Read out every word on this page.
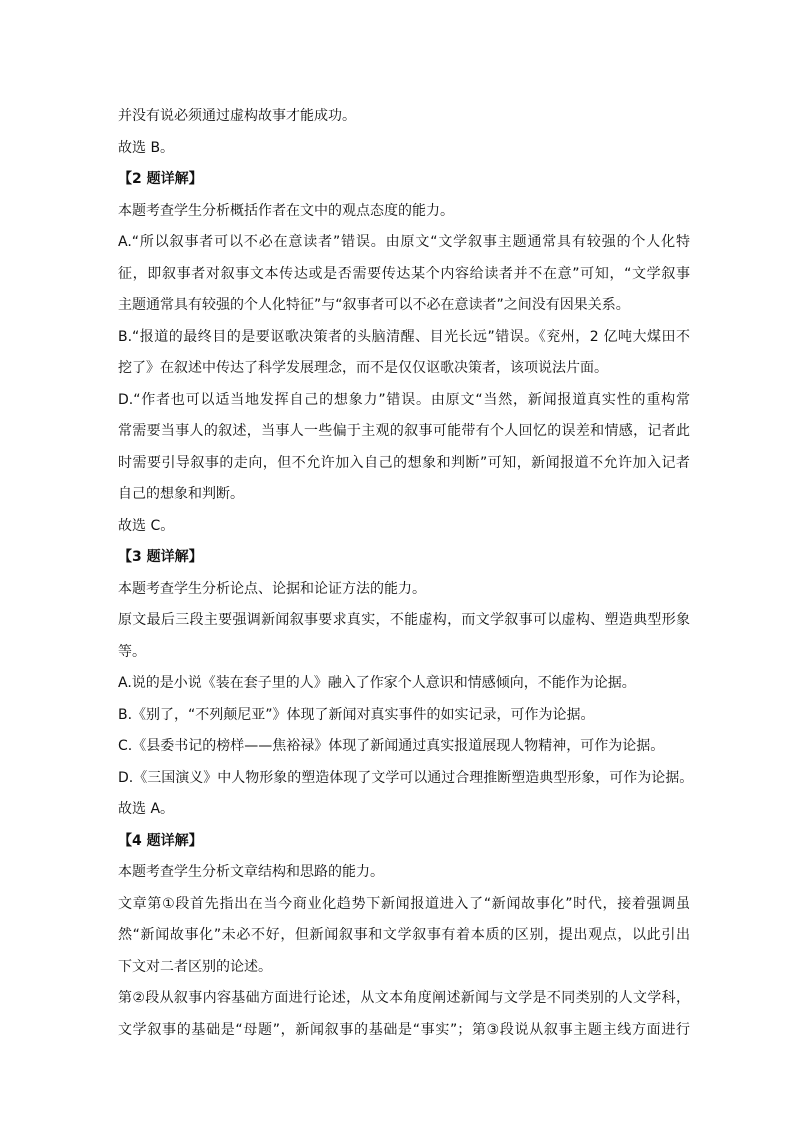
并没有说必须通过虚构故事才能成功。
故选 B。
【2 题详解】
本题考查学生分析概括作者在文中的观点态度的能力。
A.“所以叙事者可以不必在意读者”错误。由原文“文学叙事主题通常具有较强的个人化特
征，即叙事者对叙事文本传达或是否需要传达某个内容给读者并不在意”可知，“文学叙事
主题通常具有较强的个人化特征”与“叙事者可以不必在意读者”之间没有因果关系。
B.“报道的最终目的是要讴歌决策者的头脑清醒、目光长远”错误。《兖州，2 亿吨大煤田不
挖了》在叙述中传达了科学发展理念，而不是仅仅讴歌决策者，该项说法片面。
D.“作者也可以适当地发挥自己的想象力”错误。由原文“当然，新闻报道真实性的重构常
常需要当事人的叙述，当事人一些偏于主观的叙事可能带有个人回忆的误差和情感，记者此
时需要引导叙事的走向，但不允许加入自己的想象和判断”可知，新闻报道不允许加入记者
自己的想象和判断。
故选 C。
【3 题详解】
本题考查学生分析论点、论据和论证方法的能力。
原文最后三段主要强调新闻叙事要求真实，不能虚构，而文学叙事可以虚构、塑造典型形象
等。
A.说的是小说《装在套子里的人》融入了作家个人意识和情感倾向，不能作为论据。
B.《别了，“不列颠尼亚”》体现了新闻对真实事件的如实记录，可作为论据。
C.《县委书记的榜样——焦裕禄》体现了新闻通过真实报道展现人物精神，可作为论据。
D.《三国演义》中人物形象的塑造体现了文学可以通过合理推断塑造典型形象，可作为论据。
故选 A。
【4 题详解】
本题考查学生分析文章结构和思路的能力。
文章第①段首先指出在当今商业化趋势下新闻报道进入了“新闻故事化”时代，接着强调虽
然“新闻故事化”未必不好，但新闻叙事和文学叙事有着本质的区别，提出观点，以此引出
下文对二者区别的论述。
第②段从叙事内容基础方面进行论述，从文本角度阐述新闻与文学是不同类别的人文学科，
文学叙事的基础是“母题”，新闻叙事的基础是“事实”；第③段说从叙事主题主线方面进行
